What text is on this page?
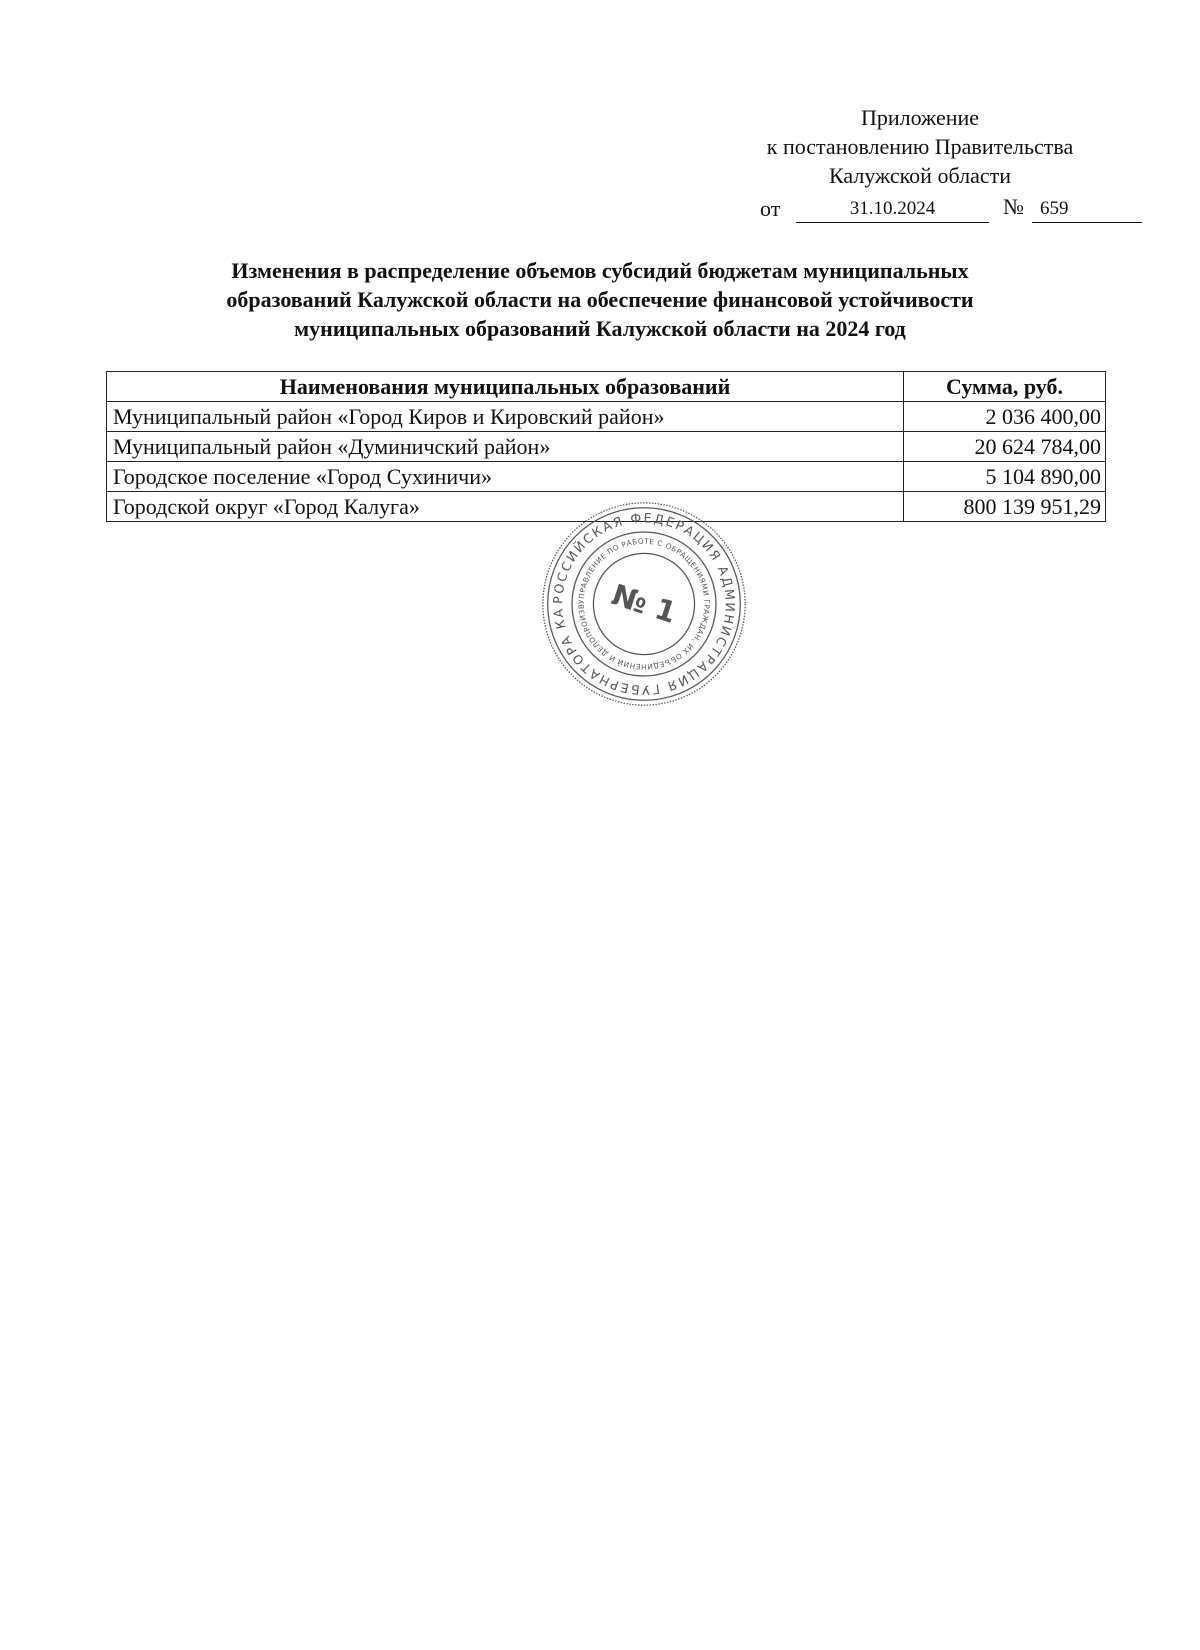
Приложение
к постановлению Правительства
Калужской области
от	31.10.2024	№ 659
Изменения в распределение объемов субсидий бюджетам муниципальных
образований Калужской области на обеспечение финансовой устойчивости
муниципальных образований Калужской области на 2024 год
Наименования муниципальных образований	Сумма, руб.
Муниципальный район «Город Киров и Кировский район»	2 036 400,00
Муниципальный район «Думиничский район»	20 624 784,00
Городское поселение «Город Сухиничи»	5 104 890,00
Городской округ «Город Калуга»	800 139 951,29
РОССИЙСКАЯ ФЕДЕРАЦИЯ АДМИНИСТРАЦИЯ ГУБЕРНАТОРА КА
УПРАВЛЕНИЕ ПО РАБОТЕ С ОБРАЩЕНИЯМИ ГРАЖДАН, ИХ ОБЪЕДИНЕНИЙ И ДЕЛОПРОИЗВ № 1
